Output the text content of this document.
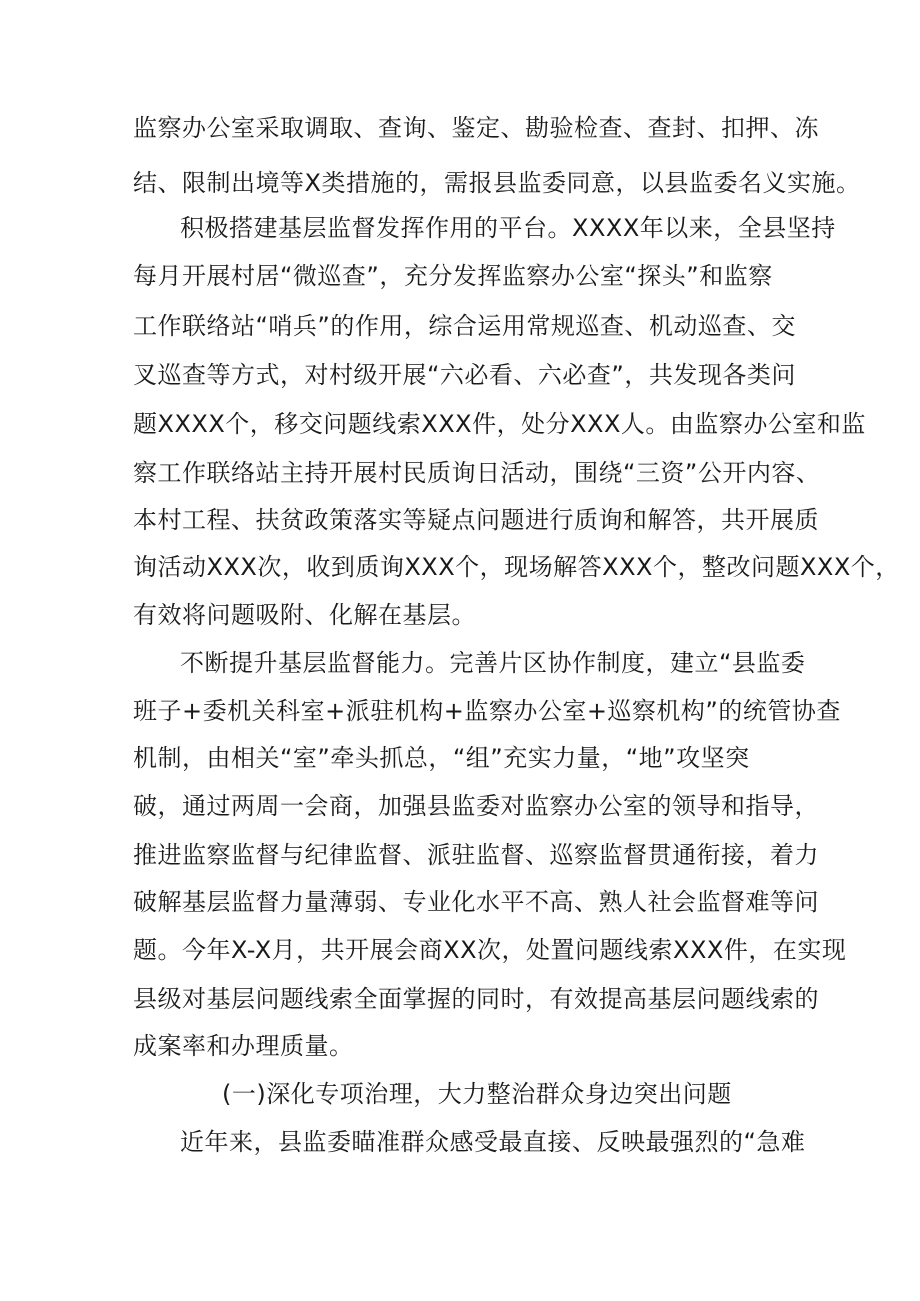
监察办公室采取调取、查询、鉴定、勘验检查、查封、扣押、冻
结、限制出境等X类措施的，需报县监委同意，以县监委名义实施。
积极搭建基层监督发挥作用的平台。XXXX年以来，全县坚持
每月开展村居“微巡查”，充分发挥监察办公室“探头”和监察
工作联络站“哨兵”的作用，综合运用常规巡查、机动巡查、交
叉巡查等方式，对村级开展“六必看、六必查”，共发现各类问
题XXXX个，移交问题线索XXX件，处分XXX人。由监察办公室和监
察工作联络站主持开展村民质询日活动，围绕“三资”公开内容、
本村工程、扶贫政策落实等疑点问题进行质询和解答，共开展质
询活动XXX次，收到质询XXX个，现场解答XXX个，整改问题XXX个，
有效将问题吸附、化解在基层。
不断提升基层监督能力。完善片区协作制度，建立“县监委
班子+委机关科室+派驻机构+监察办公室+巡察机构”的统管协查
机制，由相关“室”牵头抓总，“组”充实力量，“地”攻坚突
破，通过两周一会商，加强县监委对监察办公室的领导和指导，
推进监察监督与纪律监督、派驻监督、巡察监督贯通衔接，着力
破解基层监督力量薄弱、专业化水平不高、熟人社会监督难等问
题。今年X-X月，共开展会商XX次，处置问题线索XXX件，在实现
县级对基层问题线索全面掌握的同时，有效提高基层问题线索的
成案率和办理质量。
(一)深化专项治理，大力整治群众身边突出问题
近年来，县监委瞄准群众感受最直接、反映最强烈的“急难
